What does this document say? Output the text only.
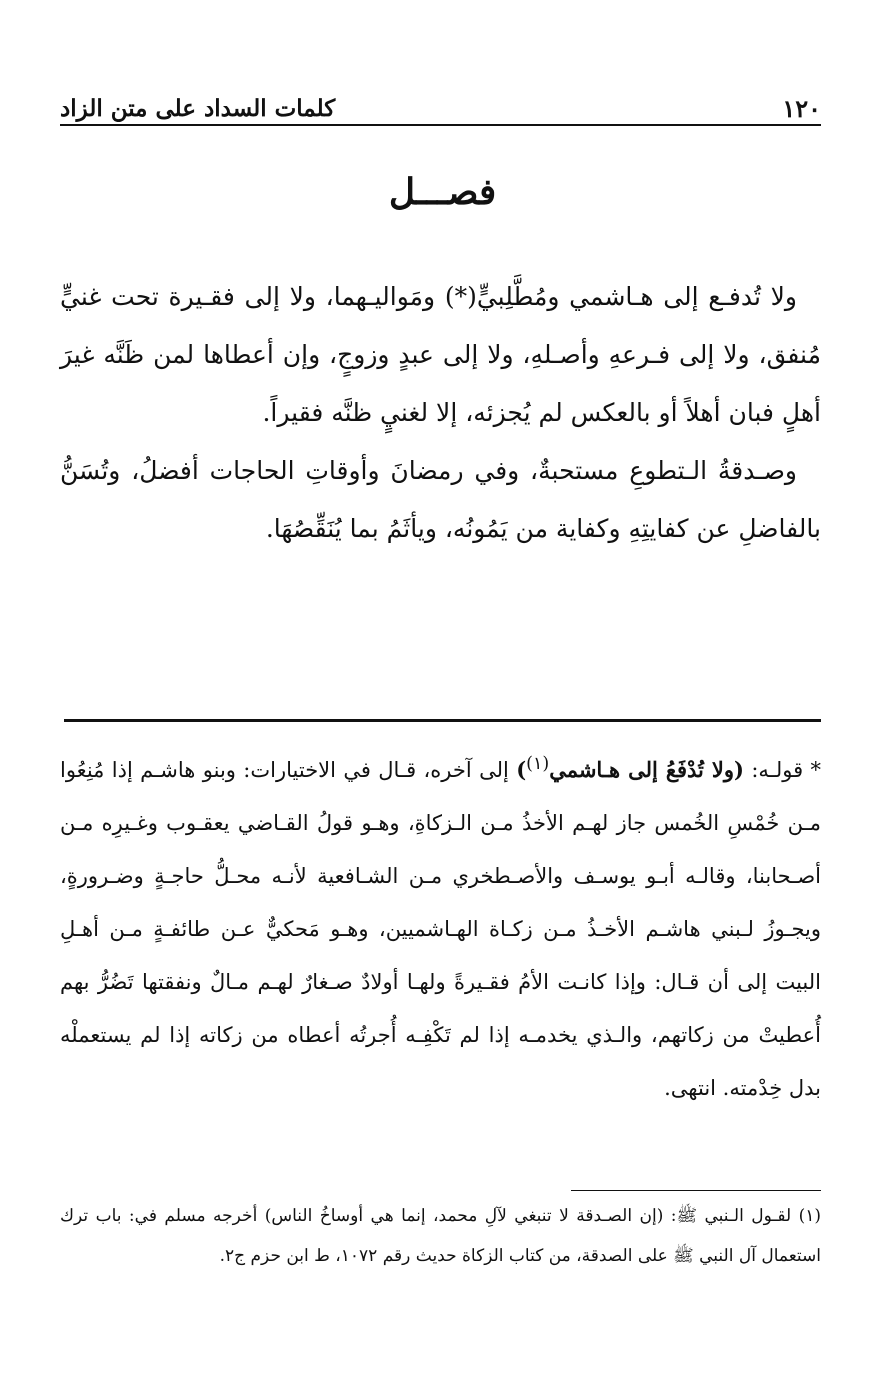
١٢٠
كلمات السداد على متن الزاد
فصـــل

ولا تُدفـع إلى هـاشمي ومُطَّلِبيٍّ(*) ومَواليـهما، ولا إلى فقـيرة تحت غنيٍّ مُنفق، ولا إلى فـرعهِ وأصـلهِ، ولا إلى عبدٍ وزوجٍ، وإن أعطاها لمن ظَنَّه غيرَ أهلٍ فبان أهلاً أو بالعكس لم يُجزئه، إلا لغنيٍ ظنَّه فقيراً.

وصـدقةُ الـتطوعِ مستحبةٌ، وفي رمضانَ وأوقاتِ الحاجات أفضلُ، وتُسَنُّ بالفاضلِ عن كفايتِهِ وكفاية من يَمُونُه، ويأثَمُ بما يُنَقِّصُهَا.

* قولـه: (ولا تُدْفَعُ إلى هـاشمي$^{(١)}$) إلى آخره، قـال في الاختيارات: وبنو هاشـم إذا مُنِعُوا مـن خُمْسِ الخُمس جاز لهـم الأخذُ مـن الـزكاةِ، وهـو قولُ القـاضي يعقـوب وغـيرِه مـن أصـحابنا، وقالـه أبـو يوسـف والأصـطخري مـن الشـافعية لأنـه محـلُّ حاجـةٍ وضـرورةٍ، ويجـوزُ لـبني هاشـم الأخـذُ مـن زكـاة الهـاشميين، وهـو مَحكيٌّ عـن طائفـةٍ مـن أهـلِ البيت إلى أن قـال: وإذا كانـت الأمُ فقـيرةً ولهـا أولادٌ صـغارٌ لهـم مـالٌ ونفقتها تَضُرُّ بهم أُعطيتْ من زكاتهم، والـذي يخدمـه إذا لم تَكْفِـه أُجرتُه أعطاه من زكاته إذا لم يستعملْه بدل خِدْمته. انتهى.

(١) لقـول الـنبي ﷺ: (إن الصـدقة لا تنبغي لآلِ محمد، إنما هي أوساخُ الناس) أخرجه مسلم في: باب ترك استعمال آل النبي ﷺ على الصدقة، من كتاب الزكاة حديث رقم ١٠٧٢، ط ابن حزم ج٢.
